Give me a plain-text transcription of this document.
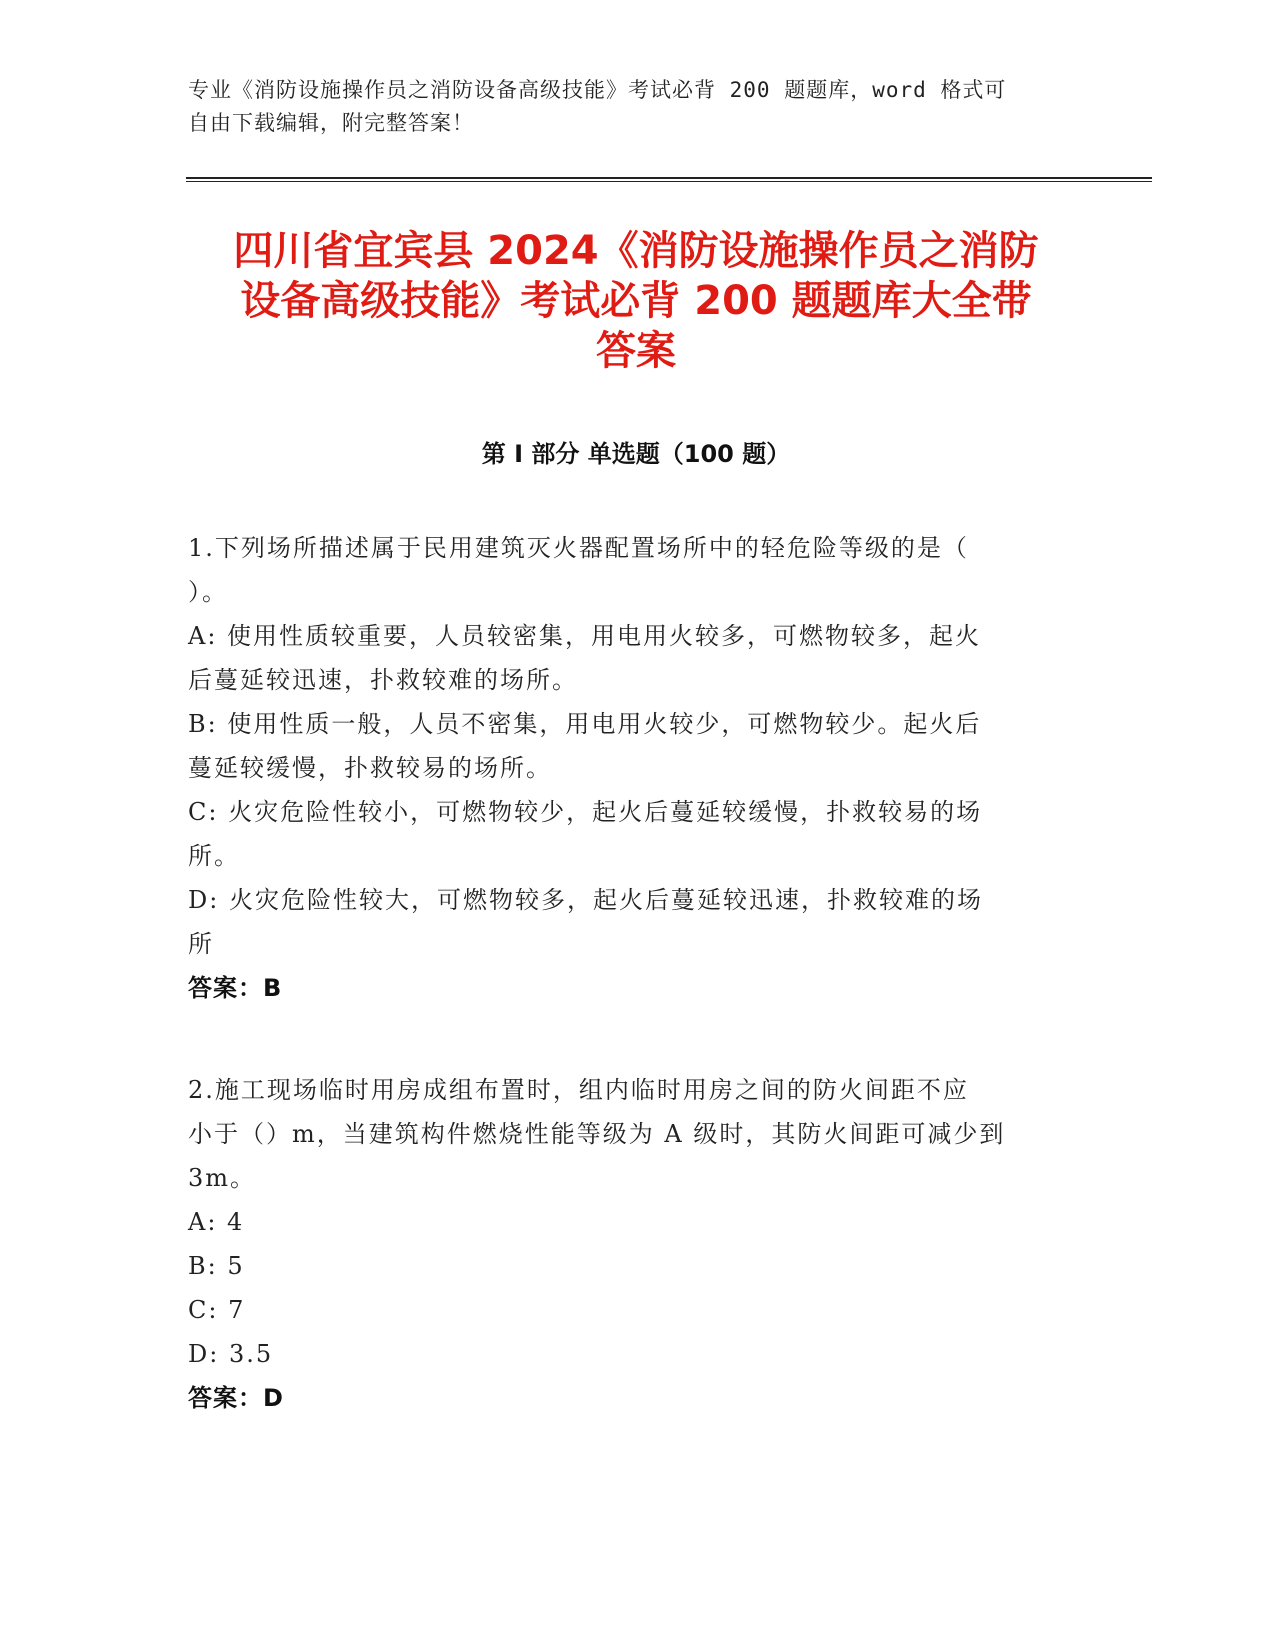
专业《消防设施操作员之消防设备高级技能》考试必背 200 题题库，word 格式可
自由下载编辑，附完整答案！
四川省宜宾县 2024《消防设施操作员之消防
设备高级技能》考试必背 200 题题库大全带
答案
第 I 部分 单选题（100 题）

1.下列场所描述属于民用建筑灭火器配置场所中的轻危险等级的是（

）。

A: 使用性质较重要，人员较密集，用电用火较多，可燃物较多，起火

后蔓延较迅速，扑救较难的场所。

B: 使用性质一般，人员不密集，用电用火较少，可燃物较少。起火后

蔓延较缓慢，扑救较易的场所。

C: 火灾危险性较小，可燃物较少，起火后蔓延较缓慢，扑救较易的场

所。

D: 火灾危险性较大，可燃物较多，起火后蔓延较迅速，扑救较难的场

所

答案：B

2.施工现场临时用房成组布置时，组内临时用房之间的防火间距不应

小于（）m，当建筑构件燃烧性能等级为 A 级时，其防火间距可减少到

3m。

A: 4

B: 5

C: 7

D: 3.5

答案：D
